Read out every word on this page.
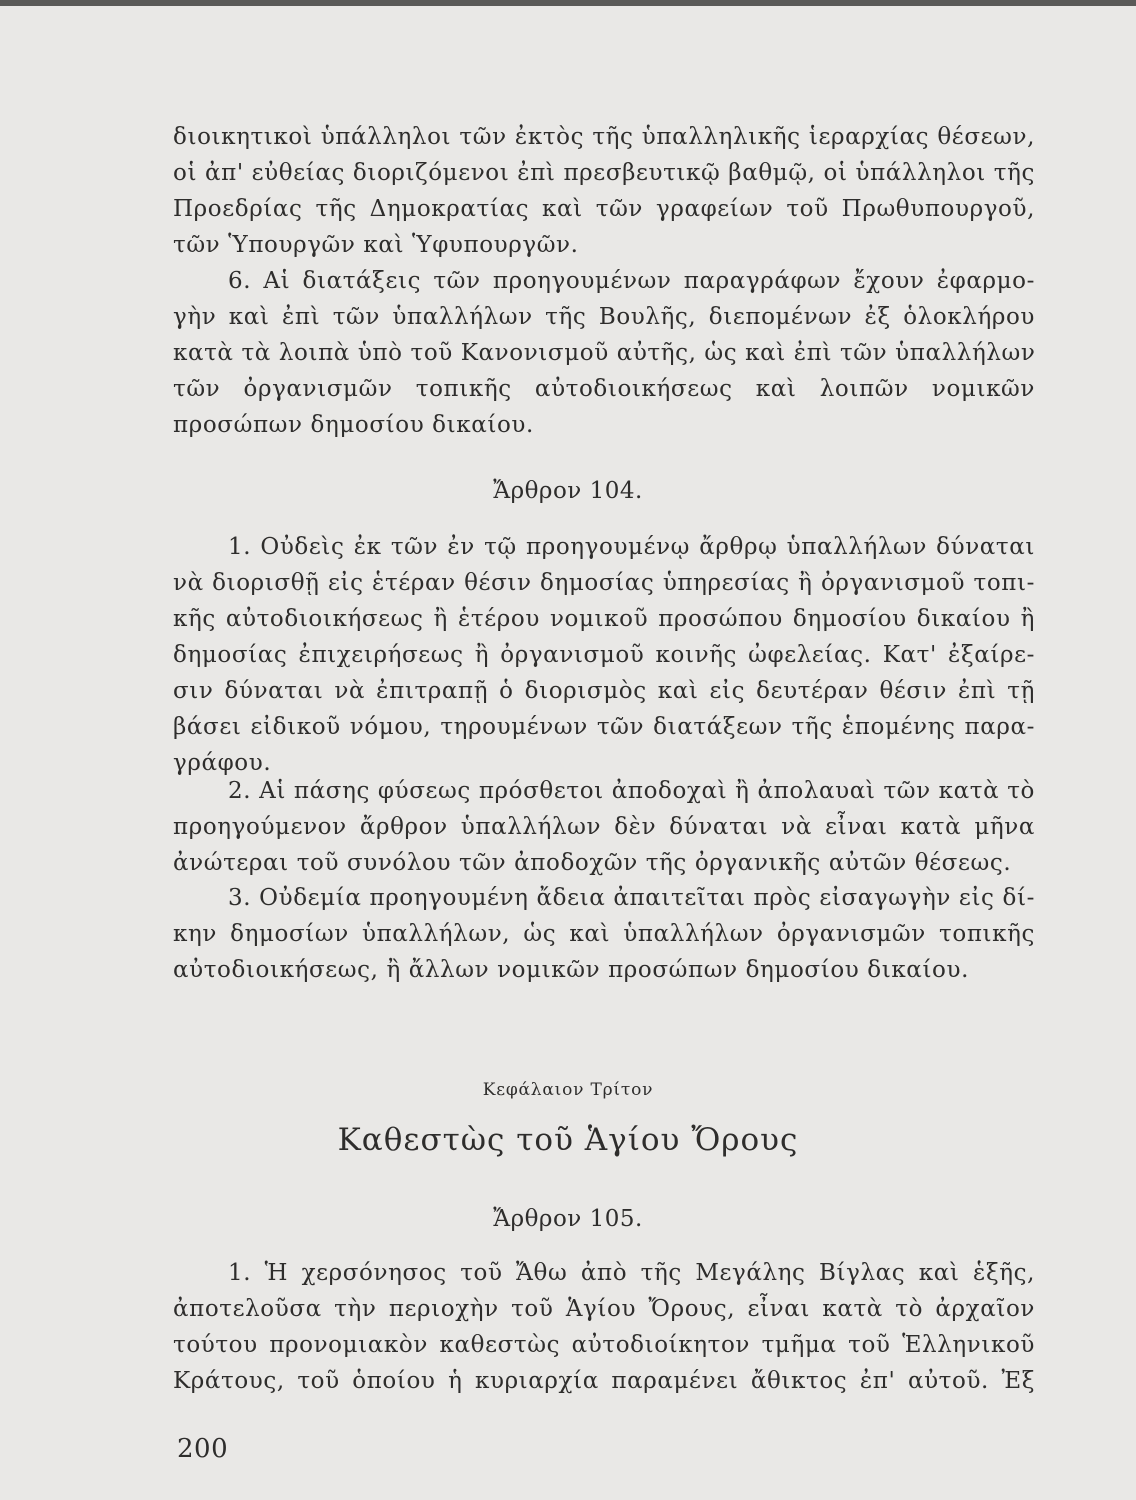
διοικητικοὶ ὑπάλληλοι τῶν ἐκτὸς τῆς ὑπαλληλικῆς ἱεραρχίας θέσεων,
οἱ ἀπ' εὐθείας διοριζόμενοι ἐπὶ πρεσβευτικῷ βαθμῷ, οἱ ὑπάλληλοι τῆς
Προεδρίας τῆς Δημοκρατίας καὶ τῶν γραφείων τοῦ Πρωθυπουργοῦ,
τῶν Ὑπουργῶν καὶ Ὑφυπουργῶν.
6. Αἱ διατάξεις τῶν προηγουμένων παραγράφων ἔχουν ἐφαρμο-
γὴν καὶ ἐπὶ τῶν ὑπαλλήλων τῆς Βουλῆς, διεπομένων ἐξ ὁλοκλήρου
κατὰ τὰ λοιπὰ ὑπὸ τοῦ Κανονισμοῦ αὐτῆς, ὡς καὶ ἐπὶ τῶν ὑπαλλήλων
τῶν ὀργανισμῶν τοπικῆς αὐτοδιοικήσεως καὶ λοιπῶν νομικῶν
προσώπων δημοσίου δικαίου.
Ἄρθρον 104.
1. Οὐδεὶς ἐκ τῶν ἐν τῷ προηγουμένῳ ἄρθρῳ ὑπαλλήλων δύναται
νὰ διορισθῇ εἰς ἑτέραν θέσιν δημοσίας ὑπηρεσίας ἢ ὀργανισμοῦ τοπι-
κῆς αὐτοδιοικήσεως ἢ ἑτέρου νομικοῦ προσώπου δημοσίου δικαίου ἢ
δημοσίας ἐπιχειρήσεως ἢ ὀργανισμοῦ κοινῆς ὠφελείας. Κατ' ἐξαίρε-
σιν δύναται νὰ ἐπιτραπῇ ὁ διορισμὸς καὶ εἰς δευτέραν θέσιν ἐπὶ τῇ
βάσει εἰδικοῦ νόμου, τηρουμένων τῶν διατάξεων τῆς ἑπομένης παρα-
γράφου.
2. Αἱ πάσης φύσεως πρόσθετοι ἀποδοχαὶ ἢ ἀπολαυαὶ τῶν κατὰ τὸ
προηγούμενον ἄρθρον ὑπαλλήλων δὲν δύναται νὰ εἶναι κατὰ μῆνα
ἀνώτεραι τοῦ συνόλου τῶν ἀποδοχῶν τῆς ὀργανικῆς αὐτῶν θέσεως.
3. Οὐδεμία προηγουμένη ἄδεια ἀπαιτεῖται πρὸς εἰσαγωγὴν εἰς δί-
κην δημοσίων ὑπαλλήλων, ὡς καὶ ὑπαλλήλων ὀργανισμῶν τοπικῆς
αὐτοδιοικήσεως, ἢ ἄλλων νομικῶν προσώπων δημοσίου δικαίου.
Κεφάλαιον Τρίτον
Καθεστὼς τοῦ Ἁγίου Ὄρους
Ἄρθρον 105.
1. Ἡ χερσόνησος τοῦ Ἄθω ἀπὸ τῆς Μεγάλης Βίγλας καὶ ἑξῆς,
ἀποτελοῦσα τὴν περιοχὴν τοῦ Ἁγίου Ὄρους, εἶναι κατὰ τὸ ἀρχαῖον
τούτου προνομιακὸν καθεστὼς αὐτοδιοίκητον τμῆμα τοῦ Ἑλληνικοῦ
Κράτους, τοῦ ὁποίου ἡ κυριαρχία παραμένει ἄθικτος ἐπ' αὐτοῦ. Ἐξ
200
